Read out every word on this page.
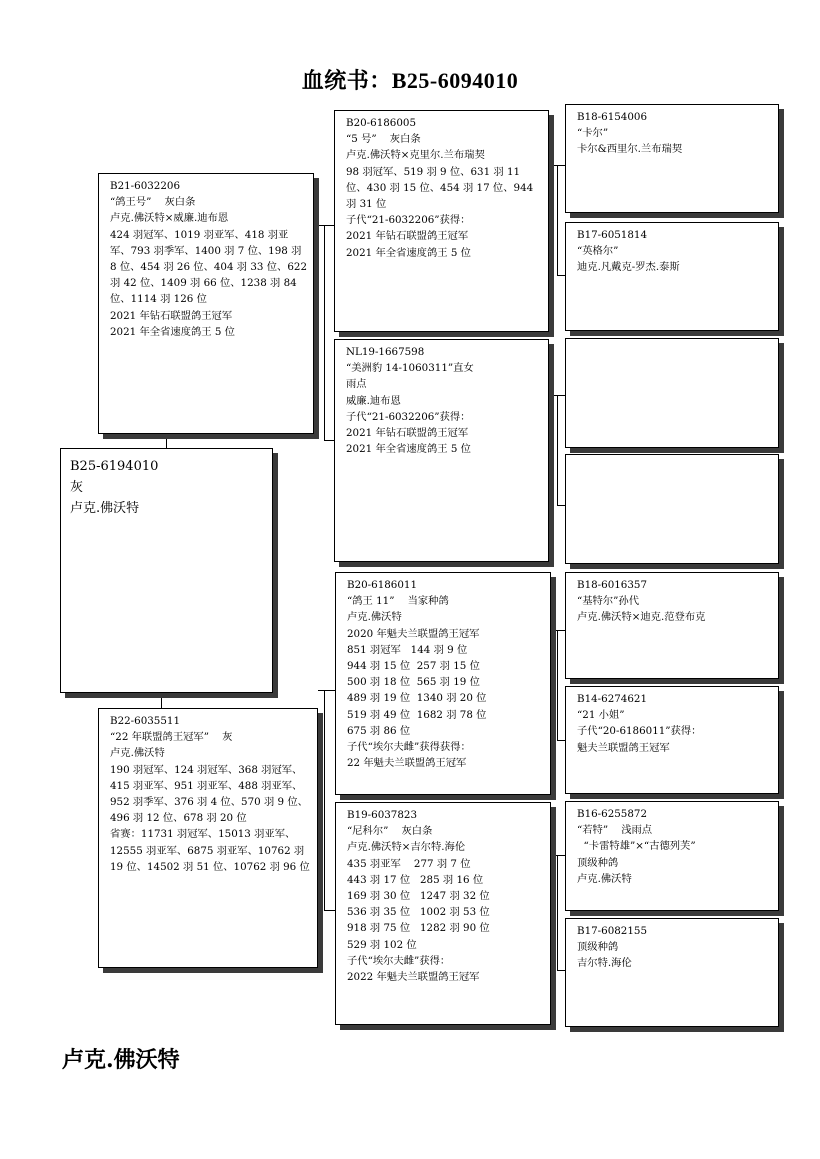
血统书：B25-6094010
B25-6194010
灰
卢克.佛沃特
B21-6032206
“鸽王号”    灰白条
卢克.佛沃特×威廉.迪布恩
424 羽冠军、1019 羽亚军、418 羽亚军、793 羽季军、1400 羽 7 位、198 羽 8 位、454 羽 26 位、404 羽 33 位、622 羽 42 位、1409 羽 66 位、1238 羽 84 位、1114 羽 126 位
2021 年钻石联盟鸽王冠军
2021 年全省速度鸽王 5 位
B22-6035511
“22 年联盟鸽王冠军”    灰
卢克.佛沃特
190 羽冠军、124 羽冠军、368 羽冠军、415 羽亚军、951 羽亚军、488 羽亚军、952 羽季军、376 羽 4 位、570 羽 9 位、496 羽 12 位、678 羽 20 位
省赛：11731 羽冠军、15013 羽亚军、12555 羽亚军、6875 羽亚军、10762 羽 19 位、14502 羽 51 位、10762 羽 96 位
B20-6186005
“5 号”    灰白条
卢克.佛沃特×克里尔.兰布瑞契
98 羽冠军、519 羽 9 位、631 羽 11 位、430 羽 15 位、454 羽 17 位、944 羽 31 位
子代“21-6032206”获得：
2021 年钻石联盟鸽王冠军
2021 年全省速度鸽王 5 位
NL19-1667598
“美洲豹 14-1060311”直女
雨点
威廉.迪布恩
子代“21-6032206”获得：
2021 年钻石联盟鸽王冠军
2021 年全省速度鸽王 5 位
B20-6186011
“鸽王 11”    当家种鸽
卢克.佛沃特
2020 年魁夫兰联盟鸽王冠军
851 羽冠军   144 羽 9 位
944 羽 15 位  257 羽 15 位
500 羽 18 位  565 羽 19 位
489 羽 19 位  1340 羽 20 位
519 羽 49 位  1682 羽 78 位
675 羽 86 位
子代“埃尔夫雌”获得获得：
22 年魁夫兰联盟鸽王冠军
B19-6037823
“尼科尔”    灰白条
卢克.佛沃特×吉尔特.海伦
435 羽亚军    277 羽 7 位
443 羽 17 位   285 羽 16 位
169 羽 30 位   1247 羽 32 位
536 羽 35 位   1002 羽 53 位
918 羽 75 位   1282 羽 90 位
529 羽 102 位
子代“埃尔夫雌”获得：
2022 年魁夫兰联盟鸽王冠军
B18-6154006
“卡尔”
卡尔&西里尔.兰布瑞契
B17-6051814
“英格尔”
迪克.凡戴克-罗杰.泰斯
B18-6016357
“基特尔”孙代
卢克.佛沃特×迪克.范登布克
B14-6274621
“21 小姐”
子代“20-6186011”获得：
魁夫兰联盟鸽王冠军
B16-6255872
“若特”    浅雨点
“卡雷特雄”×“古德列芙”
顶级种鸽
卢克.佛沃特
B17-6082155
顶级种鸽
吉尔特.海伦
卢克.佛沃特
